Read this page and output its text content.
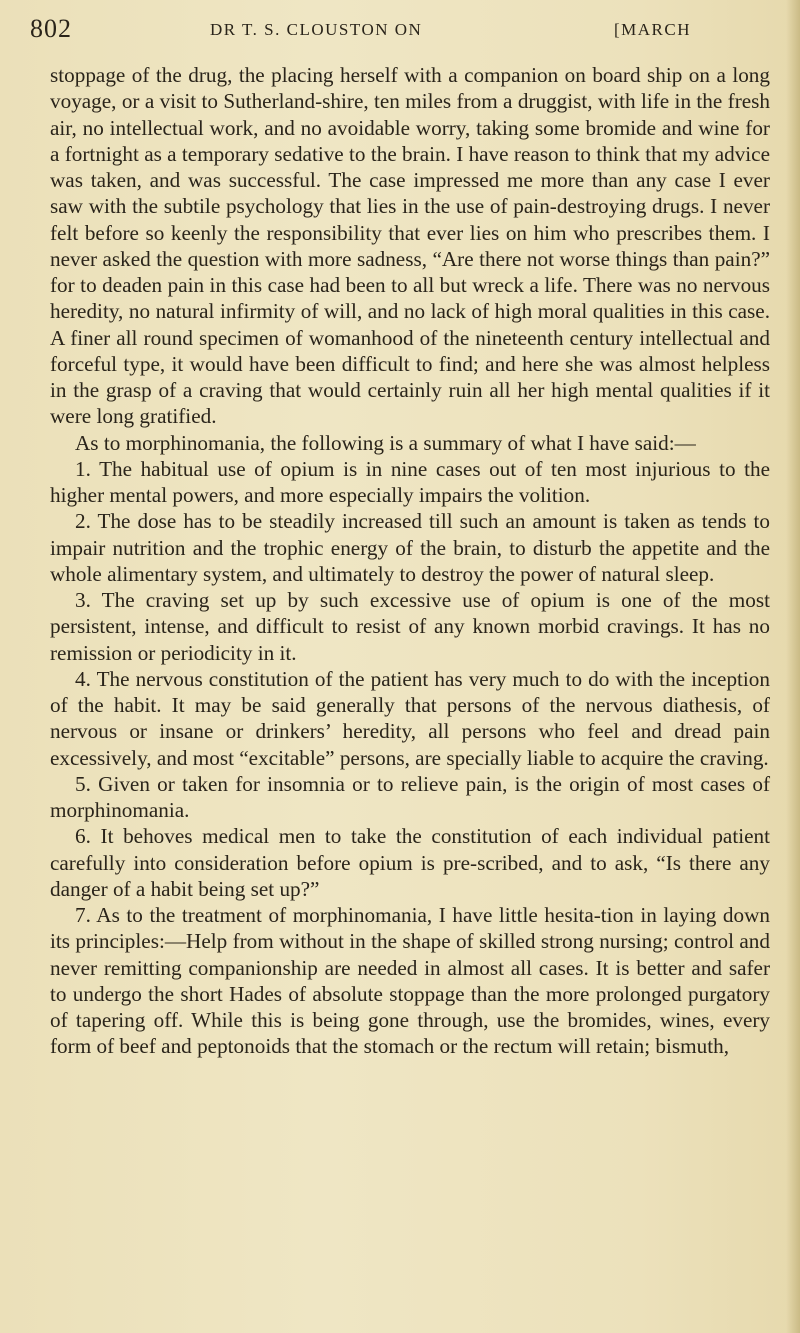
802	DR T. S. CLOUSTON ON	[MARCH

stoppage of the drug, the placing herself with a companion on board ship on a long voyage, or a visit to Sutherland-shire, ten miles from a druggist, with life in the fresh air, no intellectual work, and no avoidable worry, taking some bromide and wine for a fortnight as a temporary sedative to the brain. I have reason to think that my advice was taken, and was successful. The case impressed me more than any case I ever saw with the subtile psychology that lies in the use of pain-destroying drugs. I never felt before so keenly the responsibility that ever lies on him who prescribes them. I never asked the question with more sadness, “Are there not worse things than pain?” for to deaden pain in this case had been to all but wreck a life. There was no nervous heredity, no natural infirmity of will, and no lack of high moral qualities in this case. A finer all round specimen of womanhood of the nineteenth century intellectual and forceful type, it would have been difficult to find; and here she was almost helpless in the grasp of a craving that would certainly ruin all her high mental qualities if it were long gratified.

As to morphinomania, the following is a summary of what I have said:—

1. The habitual use of opium is in nine cases out of ten most injurious to the higher mental powers, and more especially impairs the volition.

2. The dose has to be steadily increased till such an amount is taken as tends to impair nutrition and the trophic energy of the brain, to disturb the appetite and the whole alimentary system, and ultimately to destroy the power of natural sleep.

3. The craving set up by such excessive use of opium is one of the most persistent, intense, and difficult to resist of any known morbid cravings. It has no remission or periodicity in it.

4. The nervous constitution of the patient has very much to do with the inception of the habit. It may be said generally that persons of the nervous diathesis, of nervous or insane or drinkers’ heredity, all persons who feel and dread pain excessively, and most “excitable” persons, are specially liable to acquire the craving.

5. Given or taken for insomnia or to relieve pain, is the origin of most cases of morphinomania.

6. It behoves medical men to take the constitution of each individual patient carefully into consideration before opium is pre-scribed, and to ask, “Is there any danger of a habit being set up?”

7. As to the treatment of morphinomania, I have little hesita-tion in laying down its principles:—Help from without in the shape of skilled strong nursing; control and never remitting companionship are needed in almost all cases. It is better and safer to undergo the short Hades of absolute stoppage than the more prolonged purgatory of tapering off. While this is being gone through, use the bromides, wines, every form of beef and peptonoids that the stomach or the rectum will retain; bismuth,
